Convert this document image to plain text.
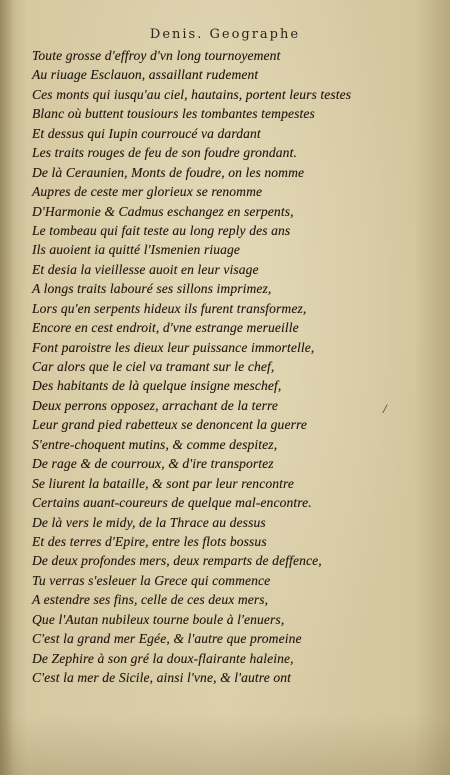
Denis. Geographe
Toute grosse d'effroy d'vn long tournoyement
Au riuage Esclauon, assaillant rudement
Ces monts qui iusqu'au ciel, hautains, portent leurs testes
Blanc où buttent tousiours les tombantes tempestes
Et dessus qui Iupin courroucé va dardant
Les traits rouges de feu de son foudre grondant.
De là Ceraunien, Monts de foudre, on les nomme
Aupres de ceste mer glorieux se renomme
D'Harmonie & Cadmus eschangez en serpents,
Le tombeau qui fait teste au long reply des ans
Ils auoient ia quitté l'Ismenien riuage
Et desia la vieillesse auoit en leur visage
A longs traits labouré ses sillons imprimez,
Lors qu'en serpents hideux ils furent transformez,
Encore en cest endroit, d'vne estrange merueille
Font paroistre les dieux leur puissance immortelle,
Car alors que le ciel va tramant sur le chef,
Des habitants de là quelque insigne meschef,
Deux perrons opposez, arrachant de la terre
Leur grand pied rabetteux se denoncent la guerre
S'entre-choquent mutins, & comme despitez,
De rage & de courroux, & d'ire transportez
Se liurent la bataille, & sont par leur rencontre
Certains auant-coureurs de quelque mal-encontre.
De là vers le midy, de la Thrace au dessus
Et des terres d'Epire, entre les flots bossus
De deux profondes mers, deux remparts de deffence,
Tu verras s'esleuer la Grece qui commence
A estendre ses fins, celle de ces deux mers,
Que l'Autan nubileux tourne boule à l'enuers,
C'est la grand mer Egée, & l'autre que promeine
De Zephire à son gré la doux-flairante haleine,
C'est la mer de Sicile, ainsi l'vne, & l'autre ont
/
